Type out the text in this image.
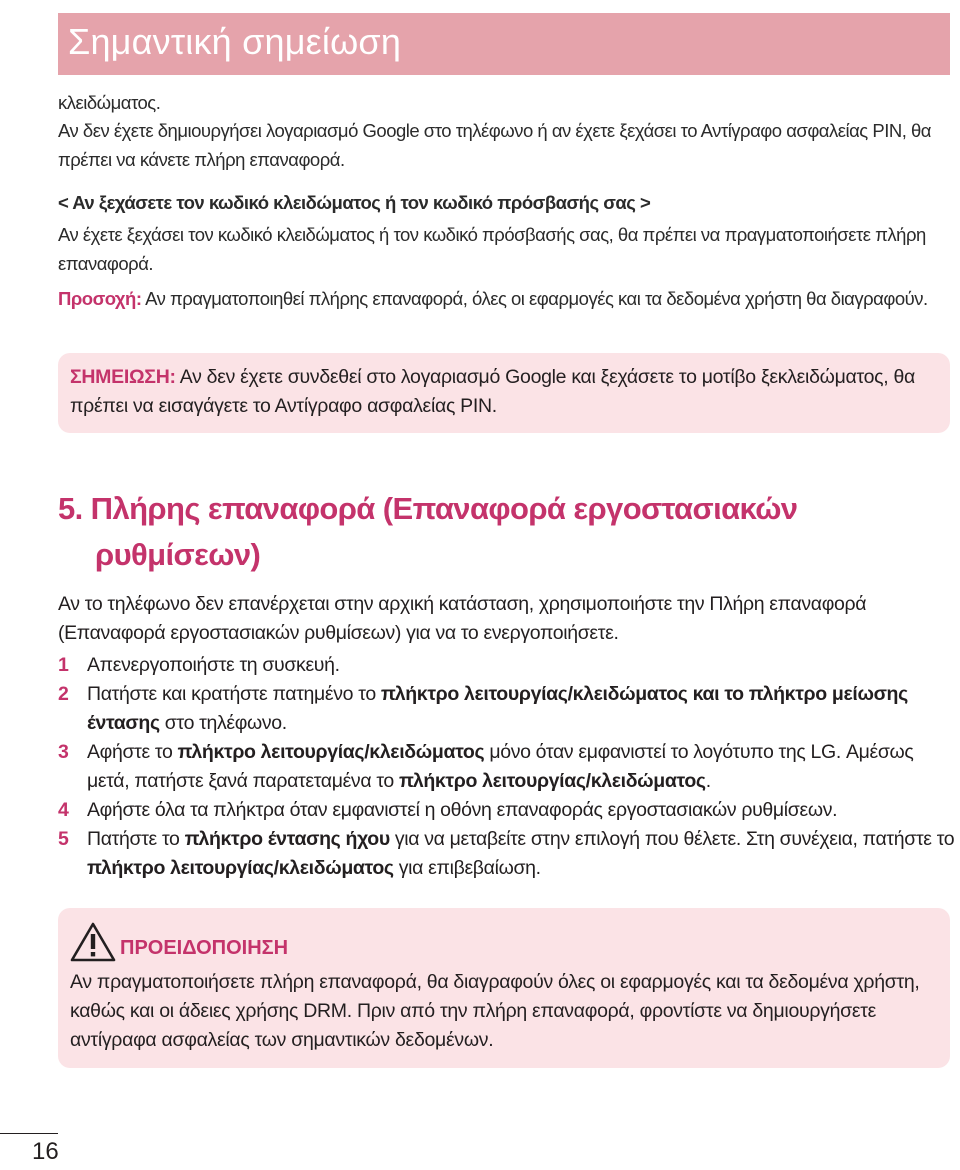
Σημαντική σημείωση

κλειδώματος.

Αν δεν έχετε δημιουργήσει λογαριασμό Google στο τηλέφωνο ή αν έχετε ξεχάσει το Αντίγραφο ασφαλείας PIN, θα πρέπει να κάνετε πλήρη επαναφορά.

< Αν ξεχάσετε τον κωδικό κλειδώματος ή τον κωδικό πρόσβασής σας >

Αν έχετε ξεχάσει τον κωδικό κλειδώματος ή τον κωδικό πρόσβασής σας, θα πρέπει να πραγματοποιήσετε πλήρη επαναφορά.

Προσοχή: Αν πραγματοποιηθεί πλήρης επαναφορά, όλες οι εφαρμογές και τα δεδομένα χρήστη θα διαγραφούν.

ΣΗΜΕΙΩΣΗ: Αν δεν έχετε συνδεθεί στο λογαριασμό Google και ξεχάσετε το μοτίβο ξεκλειδώματος, θα πρέπει να εισαγάγετε το Αντίγραφο ασφαλείας PIN.

5. Πλήρης επαναφορά (Επαναφορά εργοστασιακών
ρυθμίσεων)

Αν το τηλέφωνο δεν επανέρχεται στην αρχική κατάσταση, χρησιμοποιήστε την Πλήρη επαναφορά (Επαναφορά εργοστασιακών ρυθμίσεων) για να το ενεργοποιήσετε.

1 Απενεργοποιήστε τη συσκευή.
2 Πατήστε και κρατήστε πατημένο το πλήκτρο λειτουργίας/κλειδώματος και το πλήκτρο μείωσης έντασης στο τηλέφωνο.
3 Αφήστε το πλήκτρο λειτουργίας/κλειδώματος μόνο όταν εμφανιστεί το λογότυπο της LG. Αμέσως μετά, πατήστε ξανά παρατεταμένα το πλήκτρο λειτουργίας/κλειδώματος.
4 Αφήστε όλα τα πλήκτρα όταν εμφανιστεί η οθόνη επαναφοράς εργοστασιακών ρυθμίσεων.
5 Πατήστε το πλήκτρο έντασης ήχου για να μεταβείτε στην επιλογή που θέλετε. Στη συνέχεια, πατήστε το πλήκτρο λειτουργίας/κλειδώματος για επιβεβαίωση.
ΠΡΟΕΙΔΟΠΟΙΗΣΗ

Αν πραγματοποιήσετε πλήρη επαναφορά, θα διαγραφούν όλες οι εφαρμογές και τα δεδομένα χρήστη, καθώς και οι άδειες χρήσης DRM. Πριν από την πλήρη επαναφορά, φροντίστε να δημιουργήσετε αντίγραφα ασφαλείας των σημαντικών δεδομένων.

16
